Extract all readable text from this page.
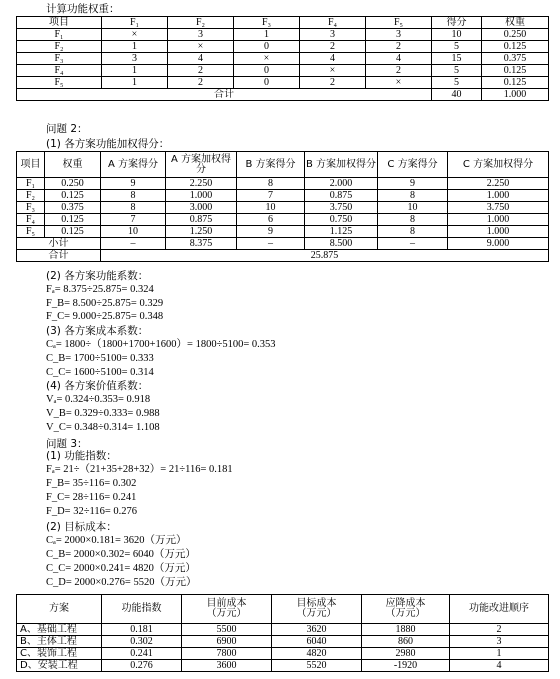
计算功能权重：
项目	F₁	F₂	F₃	F₄	F₅	得分	权重
F₁	×	3	1	3	3	10	0.250
F₂	1	×	0	2	2	5	0.125
F₃	3	4	×	4	4	15	0.375
F₄	1	2	0	×	2	5	0.125
F₅	1	2	0	2	×	5	0.125
合计						40	1.000
问题 2：
(1) 各方案功能加权得分：
项目	权重	A 方案得分	A 方案加权得分	B 方案得分	B 方案加权得分	C 方案得分	C 方案加权得分
F₁	0.250	9	2.250	8	2.000	9	2.250
F₂	0.125	8	1.000	7	0.875	8	1.000
F₃	0.375	8	3.000	10	3.750	10	3.750
F₄	0.125	7	0.875	6	0.750	8	1.000
F₅	0.125	10	1.250	9	1.125	8	1.000
小计		–	8.375	–	8.500	–	9.000
合计		25.875					
(2) 各方案功能系数：
Fₐ= 8.375÷25.875= 0.324
F_B= 8.500÷25.875= 0.329
F_C= 9.000÷25.875= 0.348
(3) 各方案成本系数：
Cₐ= 1800÷（1800+1700+1600）= 1800÷5100= 0.353
C_B= 1700÷5100= 0.333
C_C= 1600÷5100= 0.314
(4) 各方案价值系数：
Vₐ= 0.324÷0.353= 0.918
V_B= 0.329÷0.333= 0.988
V_C= 0.348÷0.314= 1.108
问题 3：
(1) 功能指数：
Fₐ= 21÷（21+35+28+32）= 21÷116= 0.181
F_B= 35÷116= 0.302
F_C= 28÷116= 0.241
F_D= 32÷116= 0.276
(2) 目标成本：
Cₐ= 2000×0.181= 3620（万元）
C_B= 2000×0.302= 6040（万元）
C_C= 2000×0.241= 4820（万元）
C_D= 2000×0.276= 5520（万元）
方案	功能指数	目前成本（万元）	目标成本（万元）	应降成本（万元）	功能改进顺序
A、基础工程	0.181	5500	3620	1880	2
B、主体工程	0.302	6900	6040	860	3
C、装饰工程	0.241	7800	4820	2980	1
D、安装工程	0.276	3600	5520	-1920	4
